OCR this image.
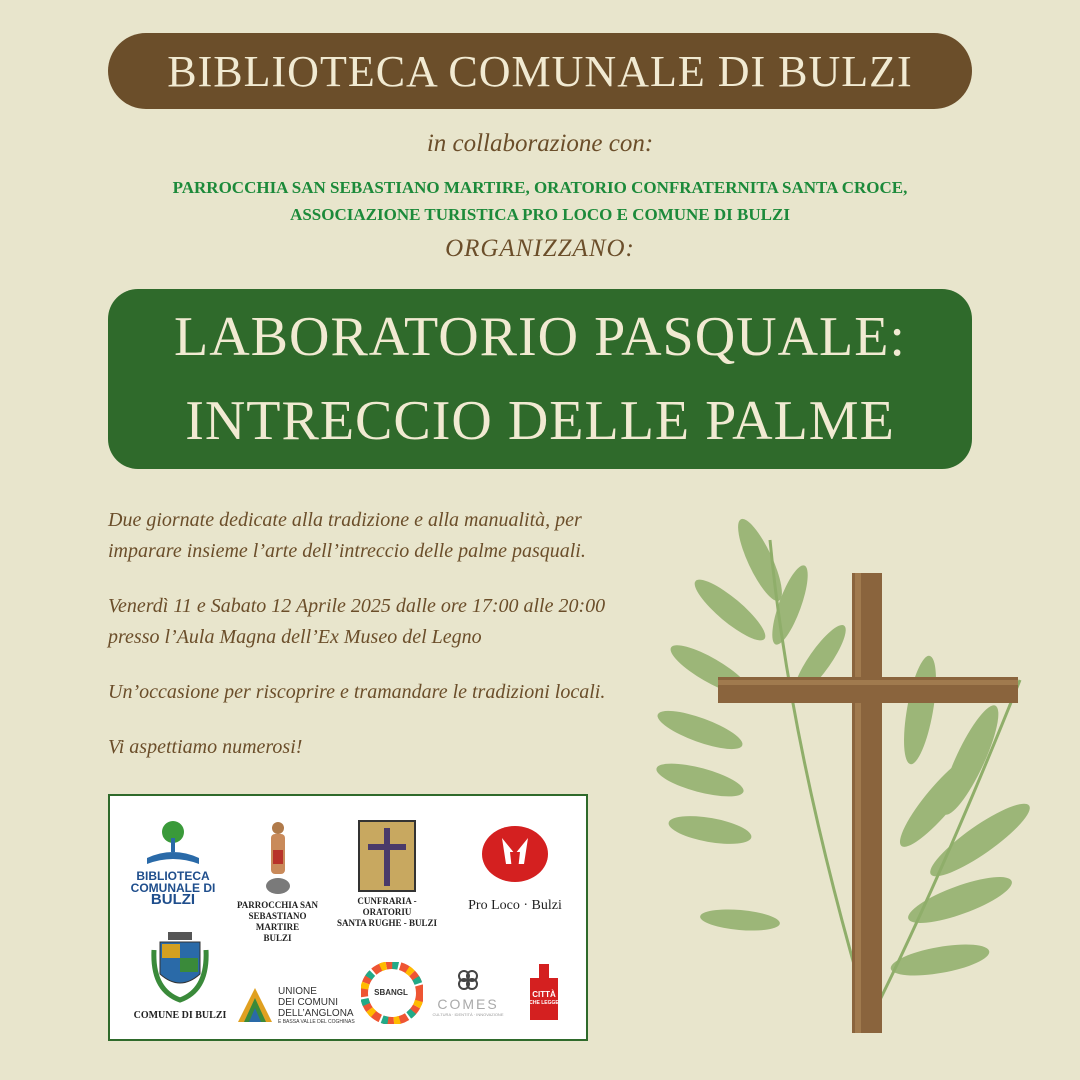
BIBLIOTECA COMUNALE DI BULZI
in collaborazione con:
PARROCCHIA SAN SEBASTIANO MARTIRE, ORATORIO CONFRATERNITA SANTA CROCE,
ASSOCIAZIONE TURISTICA PRO LOCO E COMUNE DI BULZI
ORGANIZZANO:
LABORATORIO PASQUALE:
INTRECCIO DELLE PALME
Due giornate dedicate alla tradizione e alla manualità, per
imparare insieme l’arte dell’intreccio delle palme pasquali.
Venerdì 11 e Sabato 12 Aprile 2025 dalle ore 17:00 alle 20:00
presso l’Aula Magna dell’Ex Museo del Legno
Un’occasione per riscoprire e tramandare le tradizioni locali.
Vi aspettiamo numerosi!
BIBLIOTECA
COMUNALE DI
BULZI	PARROCCHIA SAN
SEBASTIANO MARTIRE
BULZI
CUNFRARIA - ORATORIU
SANTA RUGHE - BULZI
Pro Loco · Bulzi
COMUNE DI BULZI
UNIONE
DEI COMUNI
DELL’ANGLONA
E BASSA VALLE DEL COGHINAS
SBANGL
COMES
CULTURA · IDENTITÀ · INNOVAZIONE
CITTÀ
CHE LEGGE
